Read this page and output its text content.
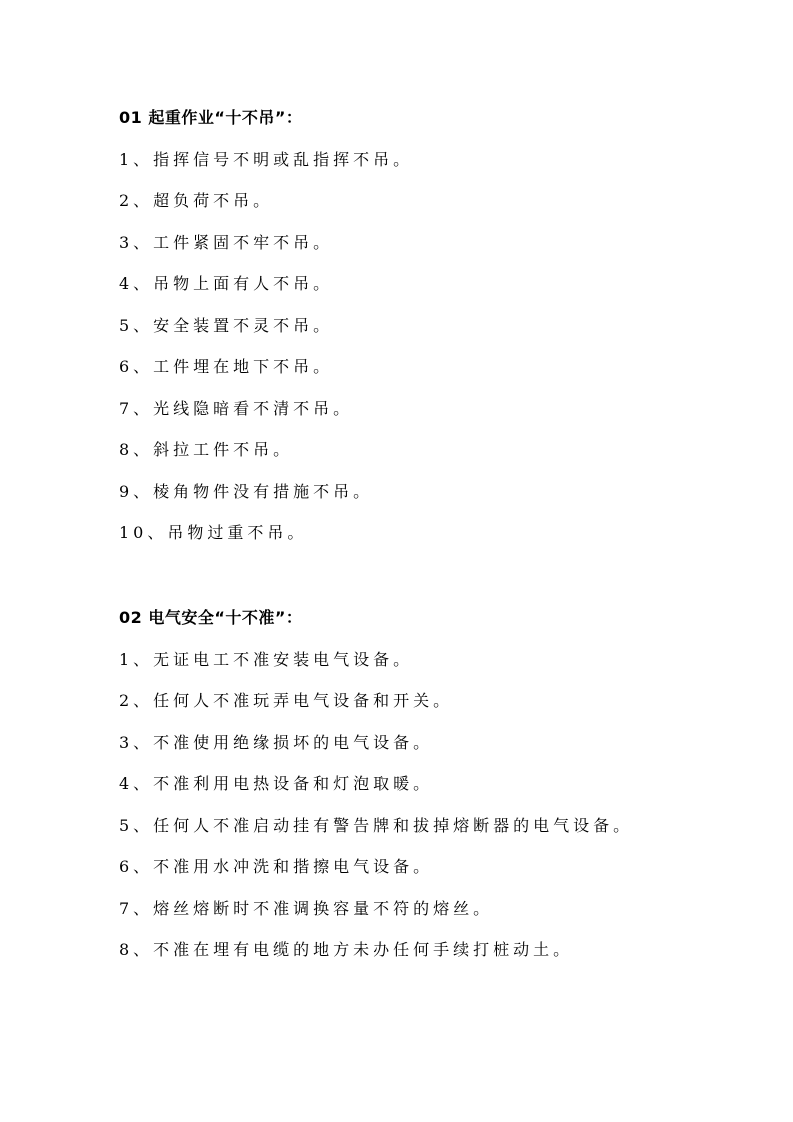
01 起重作业“十不吊”：
1、指挥信号不明或乱指挥不吊。
2、超负荷不吊。
3、工件紧固不牢不吊。
4、吊物上面有人不吊。
5、安全装置不灵不吊。
6、工件埋在地下不吊。
7、光线隐暗看不清不吊。
8、斜拉工件不吊。
9、棱角物件没有措施不吊。
10、吊物过重不吊。
02 电气安全“十不准”：
1、无证电工不准安装电气设备。
2、任何人不准玩弄电气设备和开关。
3、不准使用绝缘损坏的电气设备。
4、不准利用电热设备和灯泡取暖。
5、任何人不准启动挂有警告牌和拔掉熔断器的电气设备。
6、不准用水冲洗和揩擦电气设备。
7、熔丝熔断时不准调换容量不符的熔丝。
8、不准在埋有电缆的地方未办任何手续打桩动土。
